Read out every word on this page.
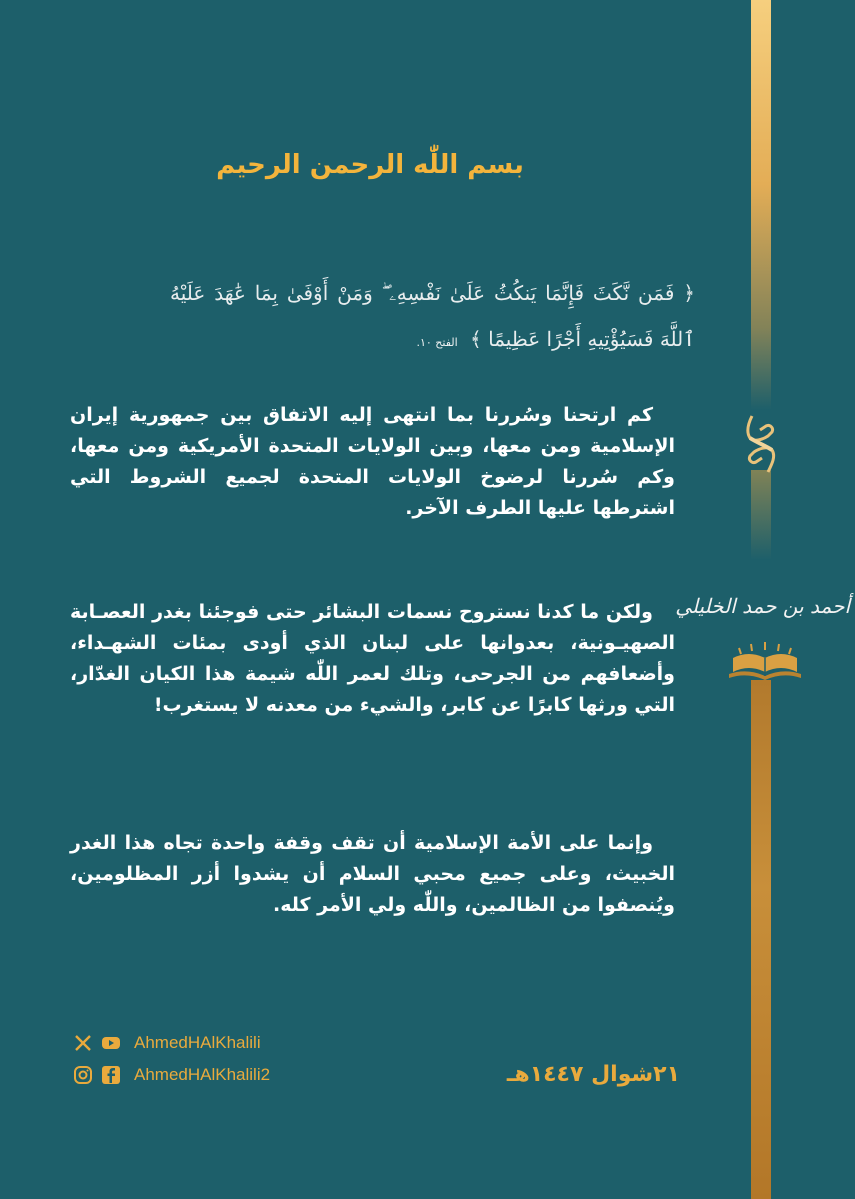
أحمد بن حمد الخليلي
بسم اللّٰه الرحمن الرحيم
﴿ فَمَن نَّكَثَ فَإِنَّمَا يَنكُثُ عَلَىٰ نَفْسِهِۦ ۖ وَمَنْ أَوْفَىٰ بِمَا عَٰهَدَ عَلَيْهُ ٱللَّهَ فَسَيُؤْتِيهِ أَجْرًا عَظِيمًا ﴾ الفتح ١٠.

كم ارتحنا وسُررنا بما انتهى إليه الاتفاق بين جمهورية إيران الإسلامية ومن معها، وبين الولايات المتحدة الأمريكية ومن معها، وكم سُررنا لرضوخ الولايات المتحدة لجميع الشروط التي اشترطها عليها الطرف الآخر.

ولكن ما كدنا نستروح نسمات البشائر حتى فوجئنا بغدر العصـابة الصهيـونية، بعدوانها على لبنان الذي أودى بمئات الشهـداء، وأضعافهم من الجرحى، وتلك لعمر اللّٰه شيمة هذا الكيان الغدّار، التي ورثها كابرًا عن كابر، والشيء من معدنه لا يستغرب!

وإنما على الأمة الإسلامية أن تقف وقفة واحدة تجاه هذا الغدر الخبيث، وعلى جميع محبي السلام أن يشدوا أزر المظلومين، ويُنصفوا من الظالمين، واللّٰه ولي الأمر كله.

AhmedHAlKhalili
AhmedHAlKhalili2	٢١شوال ١٤٤٧هـ
